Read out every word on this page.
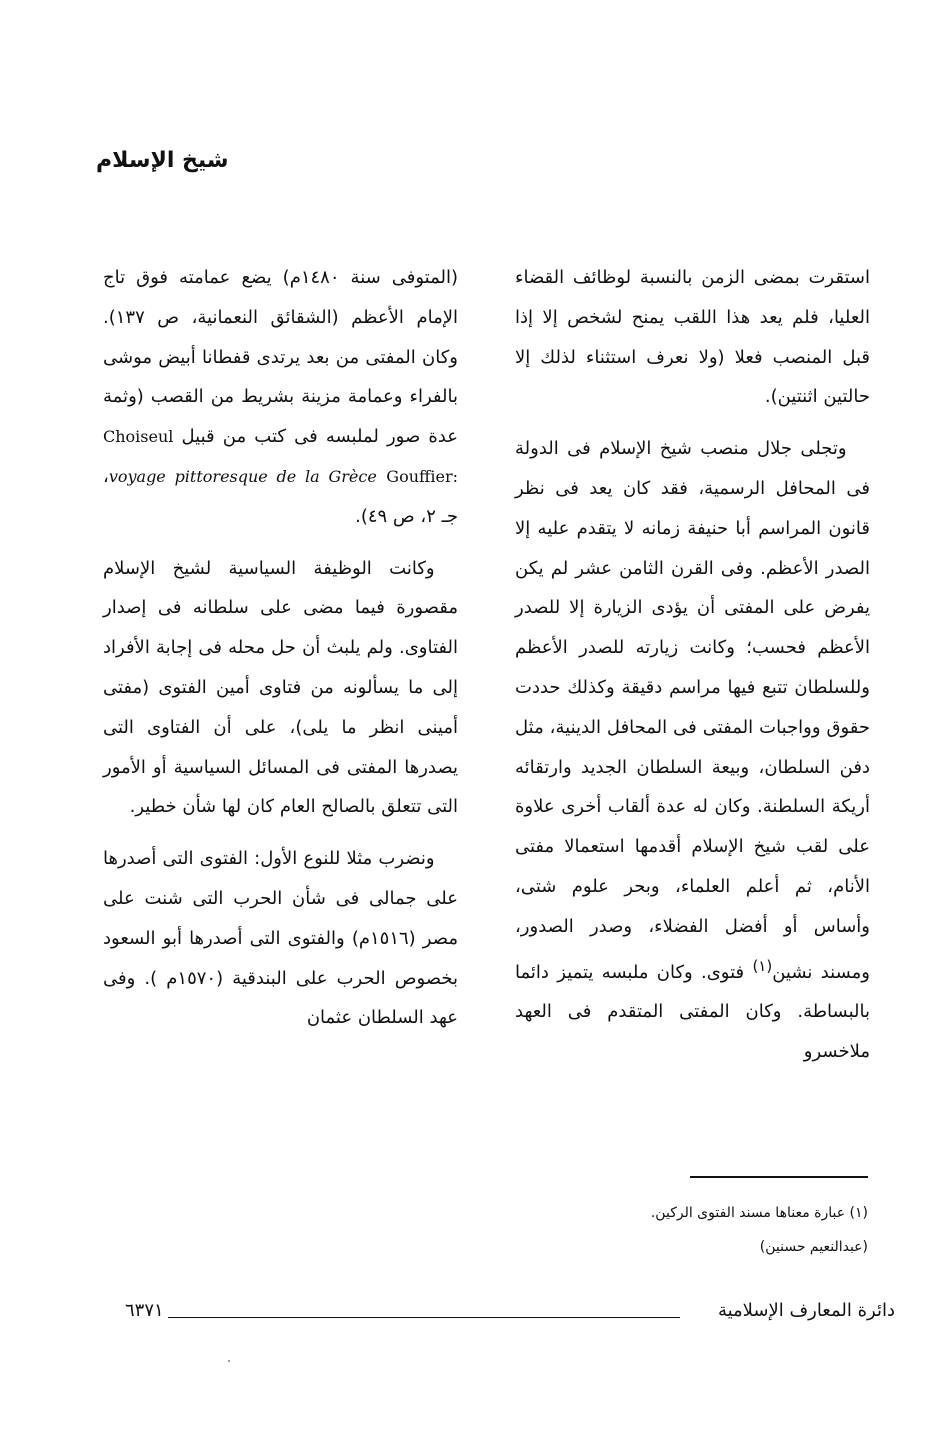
شيخ الإسلام

استقرت بمضى الزمن بالنسبة لوظائف القضاء العليا، فلم يعد هذا اللقب يمنح لشخص إلا إذا قبل المنصب فعلا (ولا نعرف استثناء لذلك إلا حالتين اثنتين).

وتجلى جلال منصب شيخ الإسلام فى الدولة فى المحافل الرسمية، فقد كان يعد فى نظر قانون المراسم أبا حنيفة زمانه لا يتقدم عليه إلا الصدر الأعظم. وفى القرن الثامن عشر لم يكن يفرض على المفتى أن يؤدى الزيارة إلا للصدر الأعظم فحسب؛ وكانت زيارته للصدر الأعظم وللسلطان تتبع فيها مراسم دقيقة وكذلك حددت حقوق وواجبات المفتى فى المحافل الدينية، مثل دفن السلطان، وبيعة السلطان الجديد وارتقائه أريكة السلطنة. وكان له عدة ألقاب أخرى علاوة على لقب شيخ الإسلام أقدمها استعمالا مفتى الأنام، ثم أعلم العلماء، وبحر علوم شتى، وأساس أو أفضل الفضلاء، وصدر الصدور، ومسند نشين$^{(١)}$ فتوى. وكان ملبسه يتميز دائما بالبساطة. وكان المفتى المتقدم فى العهد ملاخسرو

(المتوفى سنة ١٤٨٠م) يضع عمامته فوق تاج الإمام الأعظم (الشقائق النعمانية، ص ١٣٧). وكان المفتى من بعد يرتدى قفطانا أبيض موشى بالفراء وعمامة مزينة بشريط من القصب (وثمة عدة صور لملبسه فى كتب من قبيل Choiseul Gouffier: voyage pittoresque de la Grèce، جـ ٢، ص ٤٩).

وكانت الوظيفة السياسية لشيخ الإسلام مقصورة فيما مضى على سلطانه فى إصدار الفتاوى. ولم يلبث أن حل محله فى إجابة الأفراد إلى ما يسألونه من فتاوى أمين الفتوى (مفتى أمينى انظر ما يلى)، على أن الفتاوى التى يصدرها المفتى فى المسائل السياسية أو الأمور التى تتعلق بالصالح العام كان لها شأن خطير.

ونضرب مثلا للنوع الأول: الفتوى التى أصدرها على جمالى فى شأن الحرب التى شنت على مصر (١٥١٦م) والفتوى التى أصدرها أبو السعود بخصوص الحرب على البندقية (١٥٧٠م ). وفى عهد السلطان عثمان

(١) عبارة معناها مسند الفتوى الركين.
(عبدالنعيم حسنين)
دائرة المعارف الإسلامية
٦٣٧١
